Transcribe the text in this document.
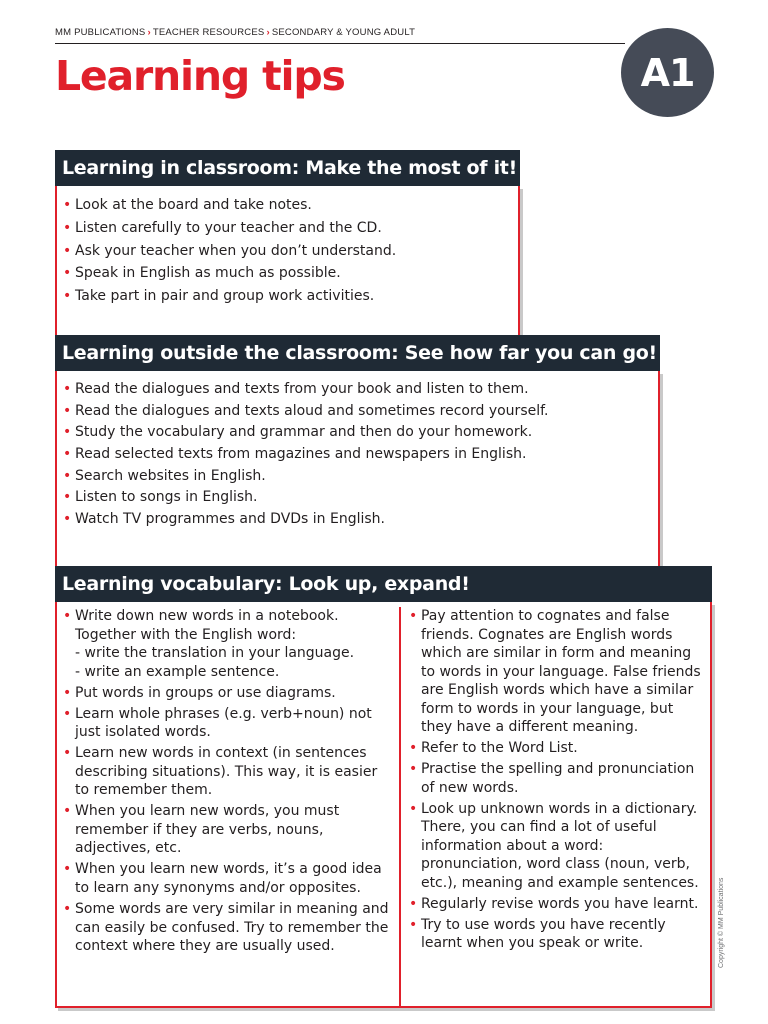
MM PUBLICATIONS › TEACHER RESOURCES › SECONDARY & YOUNG ADULT
Learning tips	A1
Learning in classroom: Make the most of it!
• Look at the board and take notes.
• Listen carefully to your teacher and the CD.
• Ask your teacher when you don’t understand.
• Speak in English as much as possible.
• Take part in pair and group work activities.
Learning outside the classroom: See how far you can go!
• Read the dialogues and texts from your book and listen to them.
• Read the dialogues and texts aloud and sometimes record yourself.
• Study the vocabulary and grammar and then do your homework.
• Read selected texts from magazines and newspapers in English.
• Search websites in English.
• Listen to songs in English.
• Watch TV programmes and DVDs in English.
Learning vocabulary: Look up, expand!
• Write down new words in a notebook. Together with the English word:
- write the translation in your language.
- write an example sentence.
• Put words in groups or use diagrams.
• Learn whole phrases (e.g. verb+noun) not just isolated words.
• Learn new words in context (in sentences describing situations). This way, it is easier to remember them.
• When you learn new words, you must remember if they are verbs, nouns, adjectives, etc.
• When you learn new words, it’s a good idea to learn any synonyms and/or opposites.
• Some words are very similar in meaning and can easily be confused. Try to remember the context where they are usually used.
• Pay attention to cognates and false friends. Cognates are English words which are similar in form and meaning to words in your language. False friends are English words which have a similar form to words in your language, but they have a different meaning.
• Refer to the Word List.
• Practise the spelling and pronunciation of new words.
• Look up unknown words in a dictionary. There, you can find a lot of useful information about a word: pronunciation, word class (noun, verb, etc.), meaning and example sentences.
• Regularly revise words you have learnt.
• Try to use words you have recently learnt when you speak or write.	Copyright © MM Publications
